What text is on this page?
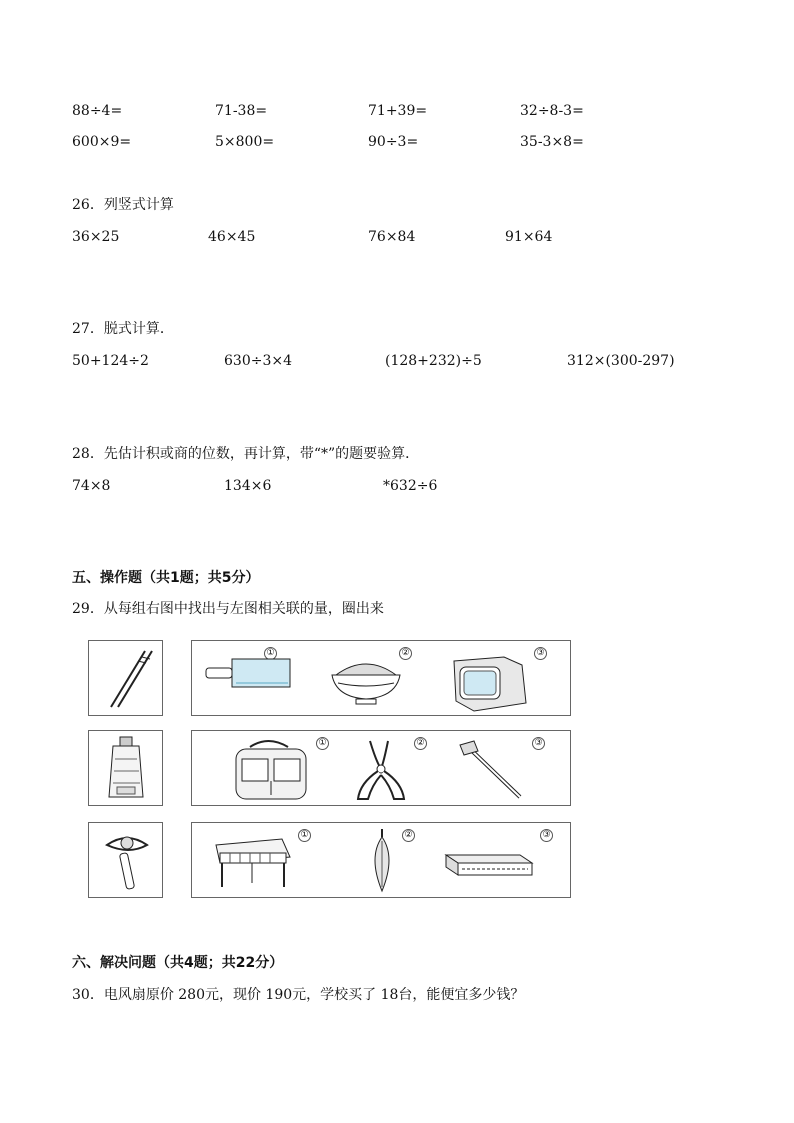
88÷4=	71-38=	71+39=	32÷8-3=
600×9=	5×800=	90÷3=	35-3×8=
26．列竖式计算
36×25	46×45	76×84	91×64
27．脱式计算．
50+124÷2	630÷3×4	(128+232)÷5	312×(300-297)
28．先估计积或商的位数，再计算，带“*”的题要验算．
74×8	134×6	*632÷6
五、操作题（共1题；共5分）
29．从每组右图中找出与左图相关联的量，圈出来
①	②	③
①	②	③
①	②	③
六、解决问题（共4题；共22分）
30．电风扇原价 280元，现价 190元，学校买了 18台，能便宜多少钱？
